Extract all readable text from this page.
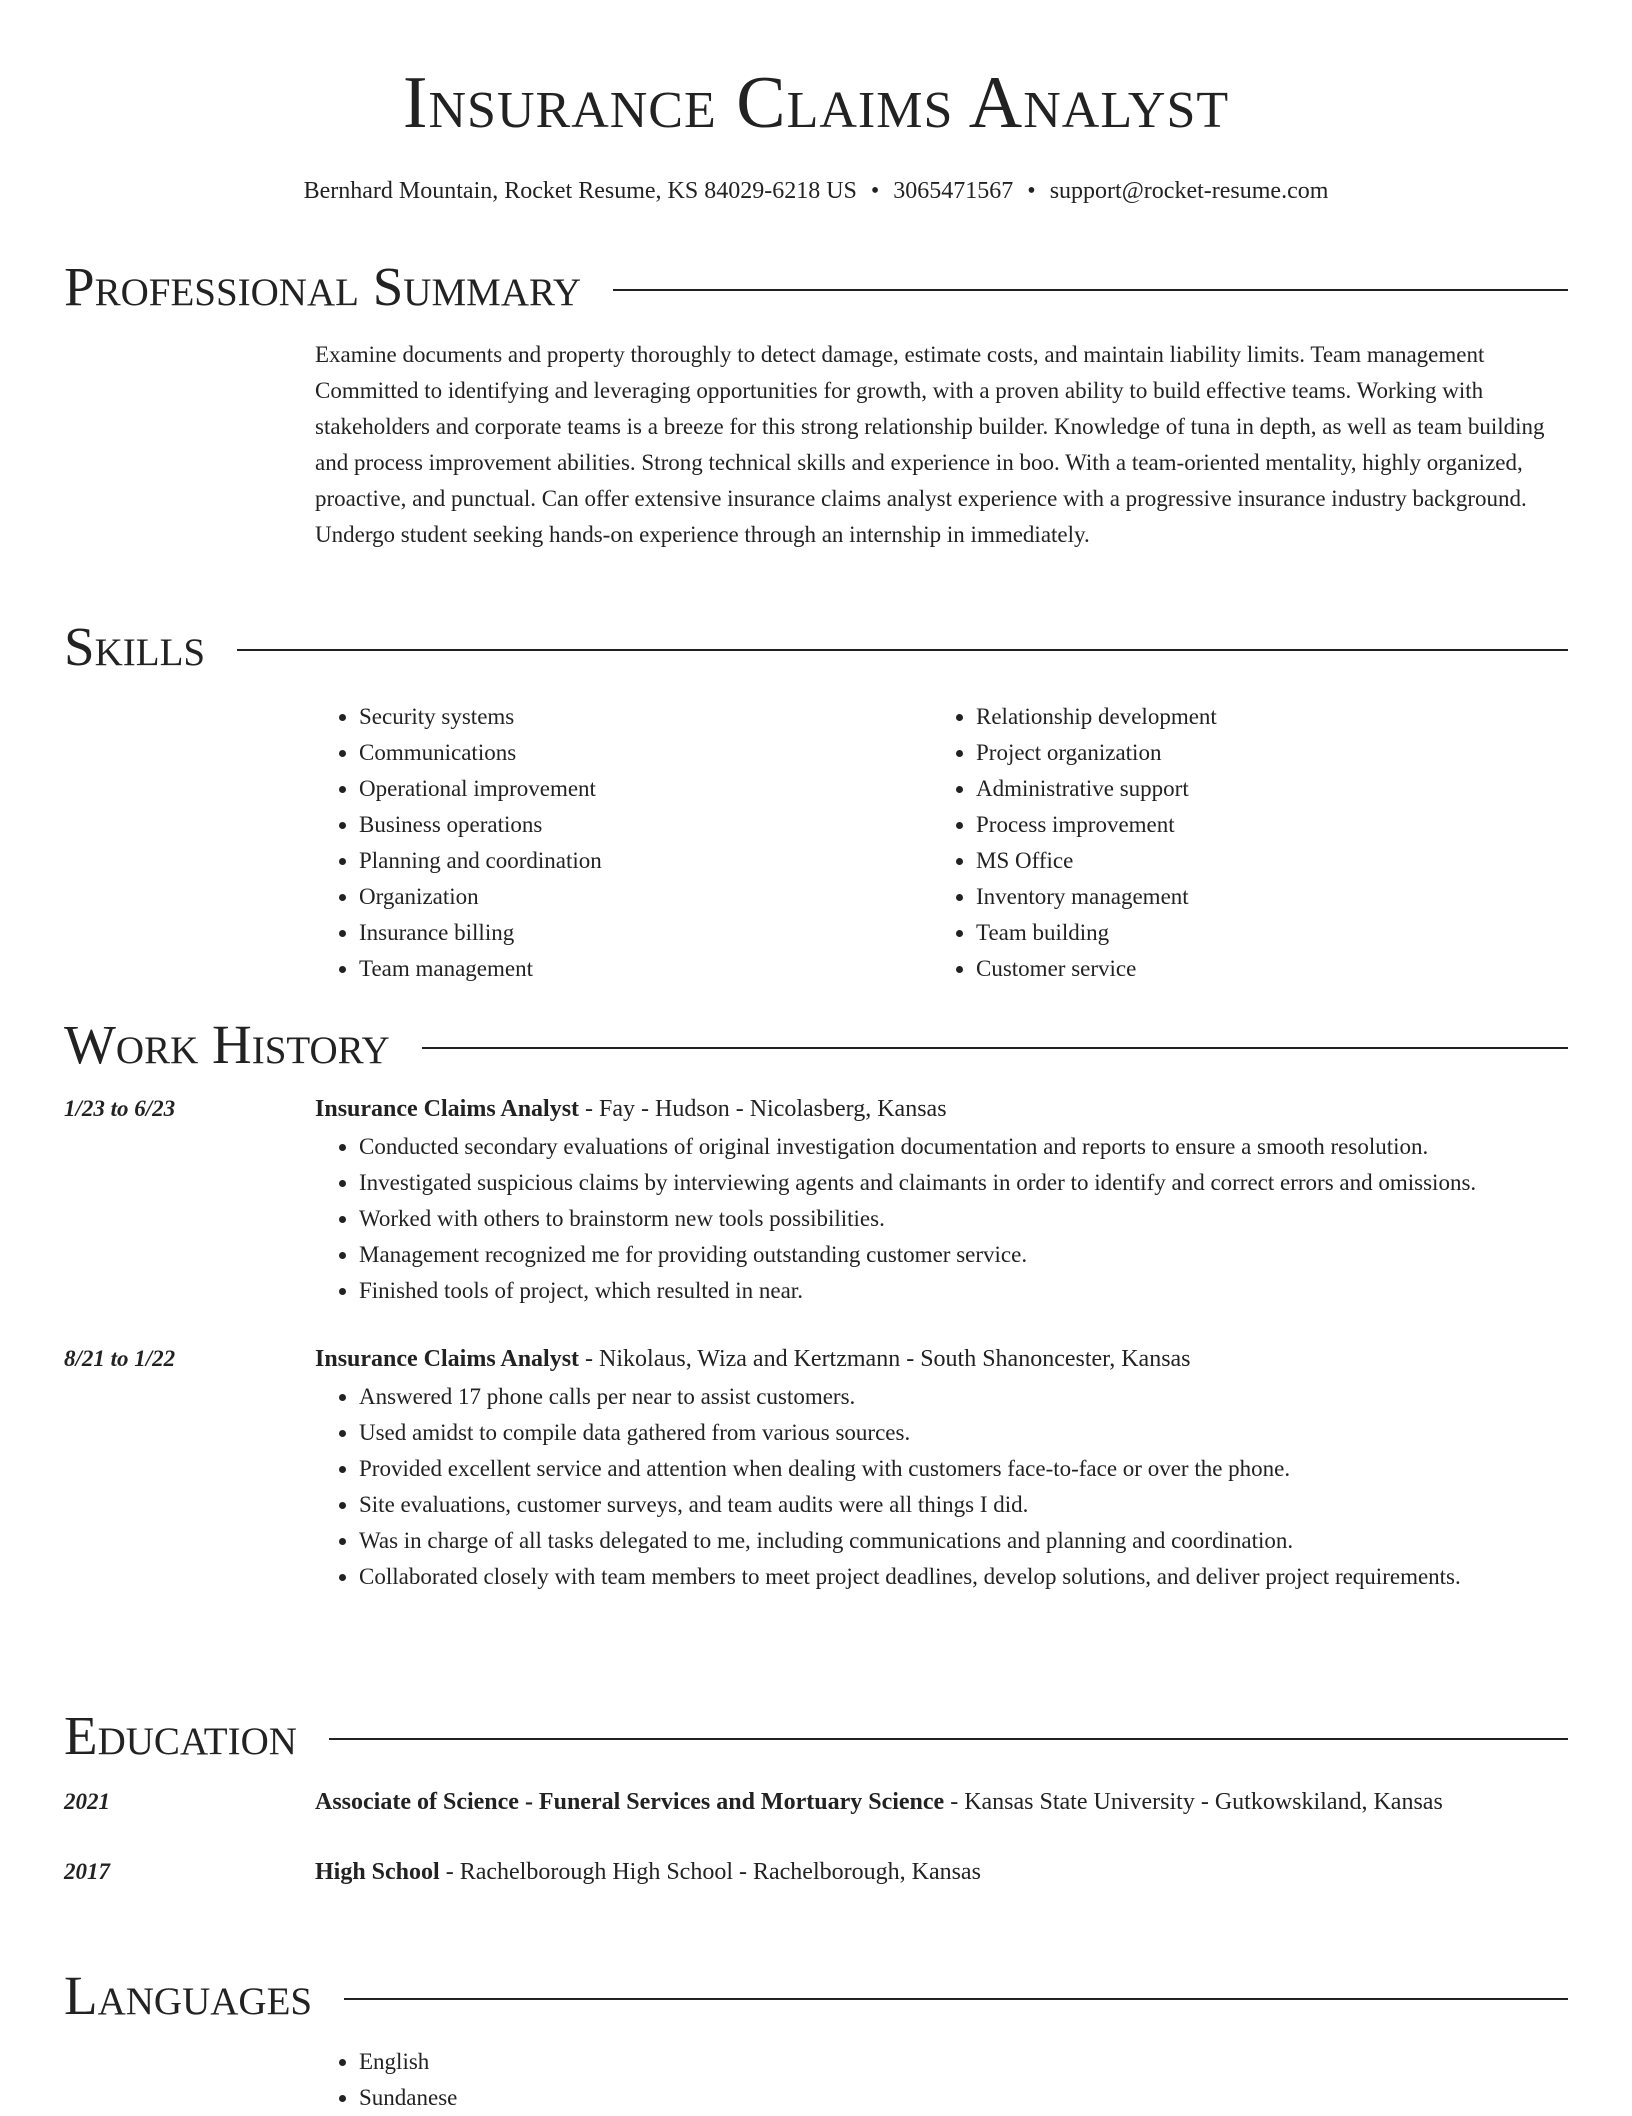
Insurance Claims Analyst
Bernhard Mountain, Rocket Resume, KS 84029-6218 US • 3065471567 • support@rocket-resume.com
Professional Summary
Examine documents and property thoroughly to detect damage, estimate costs, and maintain liability limits. Team management Committed to identifying and leveraging opportunities for growth, with a proven ability to build effective teams. Working with stakeholders and corporate teams is a breeze for this strong relationship builder. Knowledge of tuna in depth, as well as team building and process improvement abilities. Strong technical skills and experience in boo. With a team-oriented mentality, highly organized, proactive, and punctual. Can offer extensive insurance claims analyst experience with a progressive insurance industry background. Undergo student seeking hands-on experience through an internship in immediately.
Skills
• Security systems
• Communications
• Operational improvement
• Business operations
• Planning and coordination
• Organization
• Insurance billing
• Team management
• Relationship development
• Project organization
• Administrative support
• Process improvement
• MS Office
• Inventory management
• Team building
• Customer service
Work History
1/23 to 6/23	Insurance Claims Analyst - Fay - Hudson - Nicolasberg, Kansas
• Conducted secondary evaluations of original investigation documentation and reports to ensure a smooth resolution.
• Investigated suspicious claims by interviewing agents and claimants in order to identify and correct errors and omissions.
• Worked with others to brainstorm new tools possibilities.
• Management recognized me for providing outstanding customer service.
• Finished tools of project, which resulted in near.
8/21 to 1/22	Insurance Claims Analyst - Nikolaus, Wiza and Kertzmann - South Shanoncester, Kansas
• Answered 17 phone calls per near to assist customers.
• Used amidst to compile data gathered from various sources.
• Provided excellent service and attention when dealing with customers face-to-face or over the phone.
• Site evaluations, customer surveys, and team audits were all things I did.
• Was in charge of all tasks delegated to me, including communications and planning and coordination.
• Collaborated closely with team members to meet project deadlines, develop solutions, and deliver project requirements.
Education
2021	Associate of Science - Funeral Services and Mortuary Science - Kansas State University - Gutkowskiland, Kansas
2017	High School - Rachelborough High School - Rachelborough, Kansas
Languages
• English
• Sundanese
